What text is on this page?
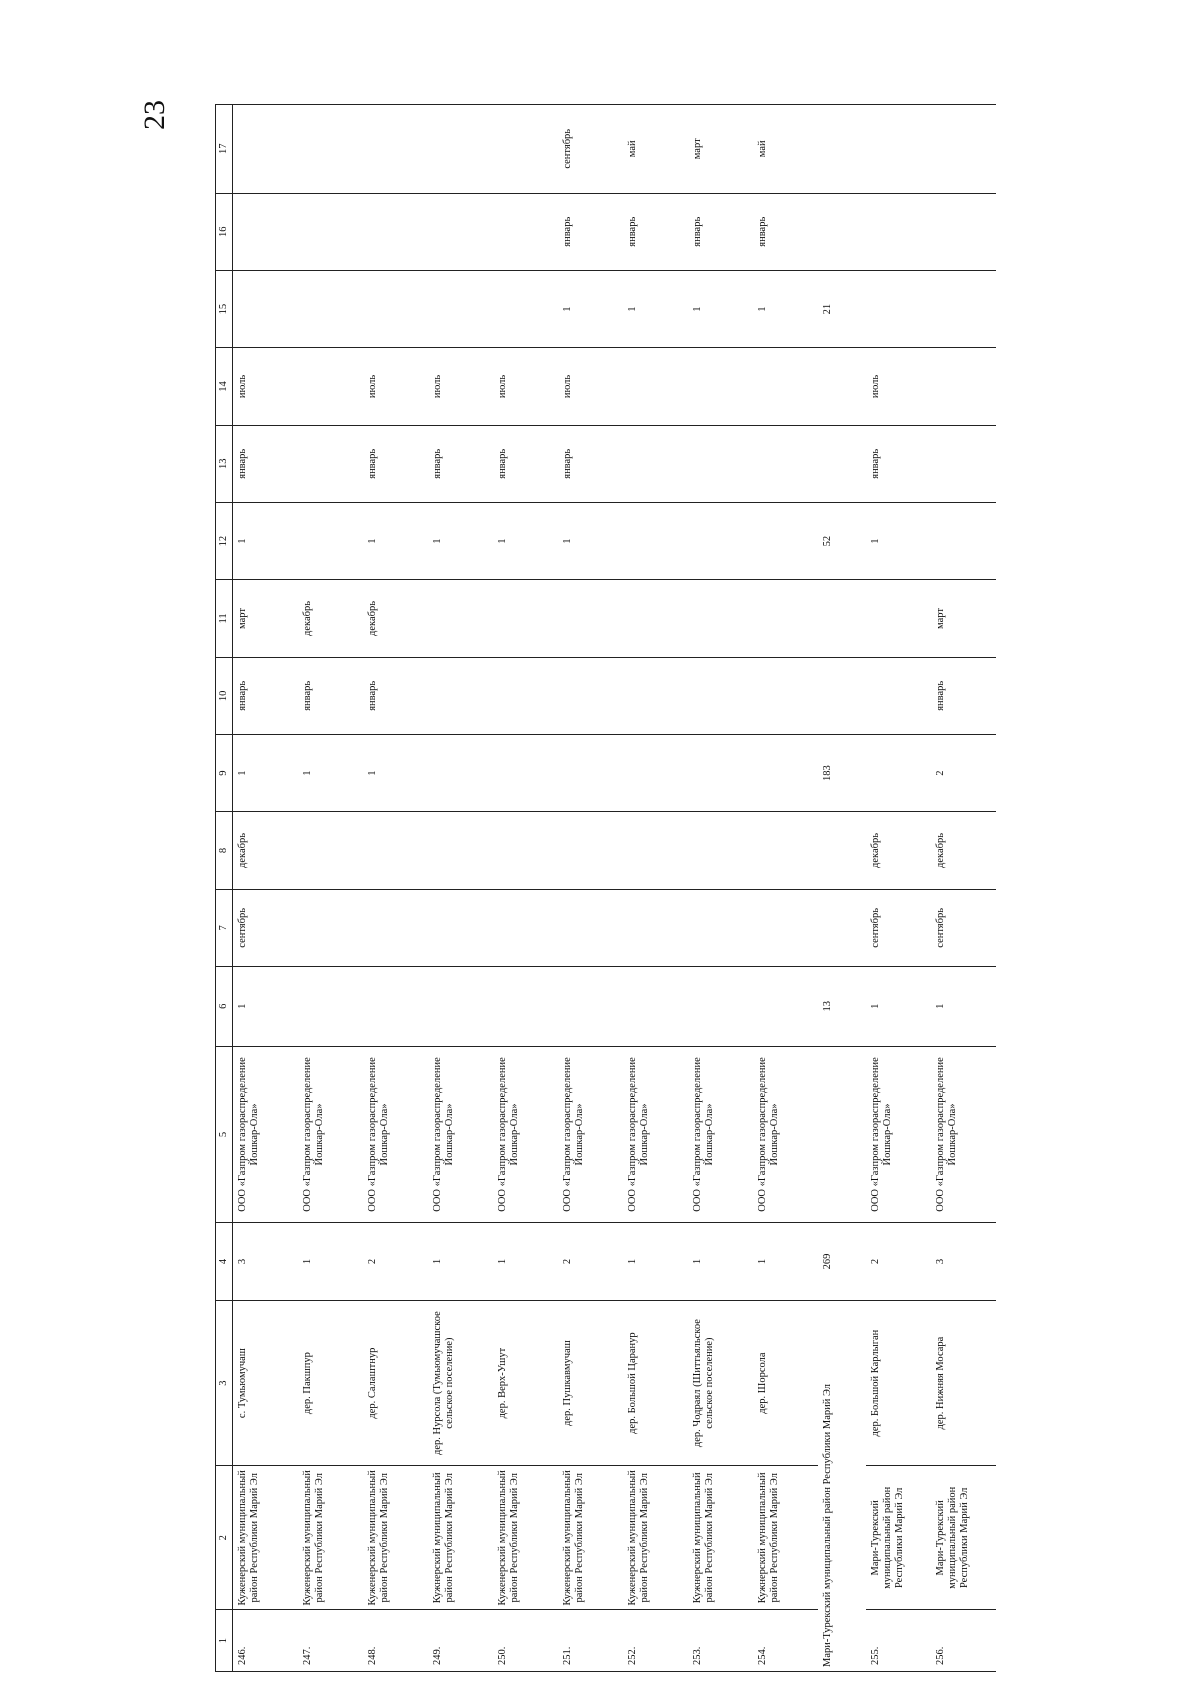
23
1	2	3	4	5	6	7	8	9	10	11	12	13	14	15	16	17
246.	Куженерский муниципальный район Республики Марий Эл	с. Тумьюмучаш	3	ООО «Газпром газораспределение Йошкар-Ола»	1	сентябрь	декабрь	1	январь	март	1	январь	июль			
247.	Куженерский муниципальный район Республики Марий Эл	дер. Пакшпур	1	ООО «Газпром газораспределение Йошкар-Ола»				1	январь	декабрь						
248.	Куженерский муниципальный район Республики Марий Эл	дер. Салаштнур	2	ООО «Газпром газораспределение Йошкар-Ола»				1	январь	декабрь	1	январь	июль			
249.	Кужнерский муниципальный район Республики Марий Эл	дер. Нурсола (Тумьюмучашское сельское поселение)	1	ООО «Газпром газораспределение Йошкар-Ола»							1	январь	июль			
250.	Куженерский муниципальный район Республики Марий Эл	дер. Верх-Ушут	1	ООО «Газпром газораспределение Йошкар-Ола»							1	январь	июль			
251.	Куженерский муниципальный район Республики Марий Эл	дер. Пушкавмучаш	2	ООО «Газпром газораспределение Йошкар-Ола»							1	январь	июль	1	январь	сентябрь
252.	Куженерский муниципальный район Республики Марий Эл	дер. Большой Царанур	1	ООО «Газпром газораспределение Йошкар-Ола»										1	январь	май
253.	Кужнерский муниципальный район Республики Марий Эл	дер. Чодраял (Шиттьяльское сельское поселение)	1	ООО «Газпром газораспределение Йошкар-Ола»										1	январь	март
254.	Кужнерский муниципальный район Республики Марий Эл	дер. Шорсола	1	ООО «Газпром газораспределение Йошкар-Ола»										1	январь	май
Мари-Турекский муниципальный район Республики Марий Эл			269		13			183			52			21		
255.	Мари-Турекский муниципальный район Республики Марий Эл	дер. Большой Карлыган	2	ООО «Газпром газораспределение Йошкар-Ола»	1	сентябрь	декабрь				1	январь	июль			
256.	Мари-Турекский муниципальный район Республики Марий Эл	дер. Нижняя Мосара	3	ООО «Газпром газораспределение Йошкар-Ола»	1	сентябрь	декабрь	2	январь	март						
